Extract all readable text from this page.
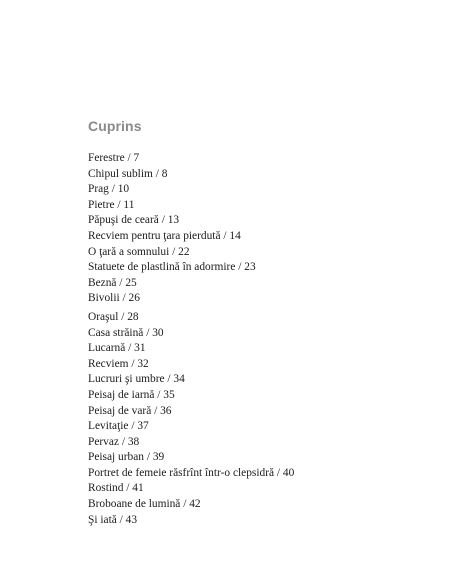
Cuprins
Ferestre / 7
Chipul sublim / 8
Prag / 10
Pietre / 11
Păpuşi de ceară / 13
Recviem pentru ţara pierdută / 14
O ţară a somnului / 22
Statuete de plastlină în adormire / 23
Beznă / 25
Bivolii / 26
Oraşul / 28
Casa străină / 30
Lucarnă / 31
Recviem / 32
Lucruri şi umbre / 34
Peisaj de iarnă / 35
Peisaj de vară / 36
Levitaţie / 37
Pervaz / 38
Peisaj urban / 39
Portret de femeie răsfrînt într-o clepsidră / 40
Rostind / 41
Broboane de lumină / 42
Şi iată / 43
